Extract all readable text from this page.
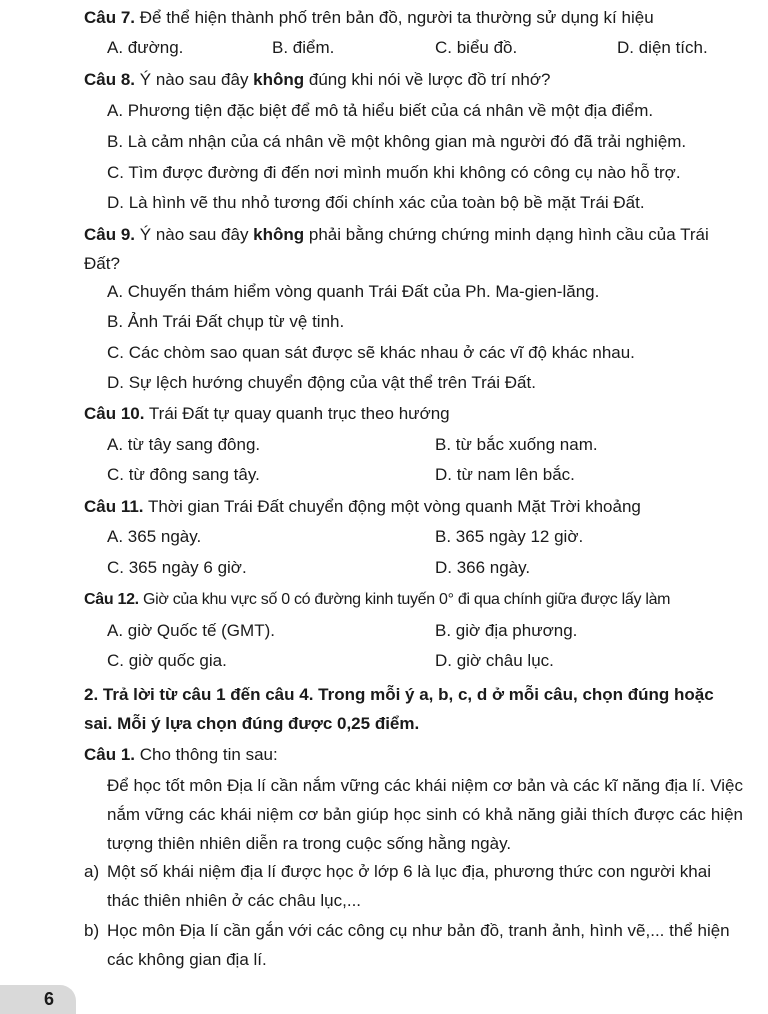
Câu 7. Để thể hiện thành phố trên bản đồ, người ta thường sử dụng kí hiệu
A. đường.	B. điểm.	C. biểu đồ.	D. diện tích.
Câu 8. Ý nào sau đây không đúng khi nói về lược đồ trí nhớ?
A. Phương tiện đặc biệt để mô tả hiểu biết của cá nhân về một địa điểm.
B. Là cảm nhận của cá nhân về một không gian mà người đó đã trải nghiệm.
C. Tìm được đường đi đến nơi mình muốn khi không có công cụ nào hỗ trợ.
D. Là hình vẽ thu nhỏ tương đối chính xác của toàn bộ bề mặt Trái Đất.
Câu 9. Ý nào sau đây không phải bằng chứng chứng minh dạng hình cầu của Trái Đất?
A. Chuyến thám hiểm vòng quanh Trái Đất của Ph. Ma-gien-lăng.
B. Ảnh Trái Đất chụp từ vệ tinh.
C. Các chòm sao quan sát được sẽ khác nhau ở các vĩ độ khác nhau.
D. Sự lệch hướng chuyển động của vật thể trên Trái Đất.
Câu 10. Trái Đất tự quay quanh trục theo hướng
A. từ tây sang đông.	B. từ bắc xuống nam.
C. từ đông sang tây.	D. từ nam lên bắc.
Câu 11. Thời gian Trái Đất chuyển động một vòng quanh Mặt Trời khoảng
A. 365 ngày.	B. 365 ngày 12 giờ.
C. 365 ngày 6 giờ.	D. 366 ngày.
Câu 12. Giờ của khu vực số 0 có đường kinh tuyến 0° đi qua chính giữa được lấy làm
A. giờ Quốc tế (GMT).	B. giờ địa phương.
C. giờ quốc gia.	D. giờ châu lục.
2. Trả lời từ câu 1 đến câu 4. Trong mỗi ý a, b, c, d ở mỗi câu, chọn đúng hoặc sai. Mỗi ý lựa chọn đúng được 0,25 điểm.
Câu 1. Cho thông tin sau:
Để học tốt môn Địa lí cần nắm vững các khái niệm cơ bản và các kĩ năng địa lí. Việc nắm vững các khái niệm cơ bản giúp học sinh có khả năng giải thích được các hiện tượng thiên nhiên diễn ra trong cuộc sống hằng ngày.
a) Một số khái niệm địa lí được học ở lớp 6 là lục địa, phương thức con người khai thác thiên nhiên ở các châu lục,...
b) Học môn Địa lí cần gắn với các công cụ như bản đồ, tranh ảnh, hình vẽ,... thể hiện các không gian địa lí.
6
